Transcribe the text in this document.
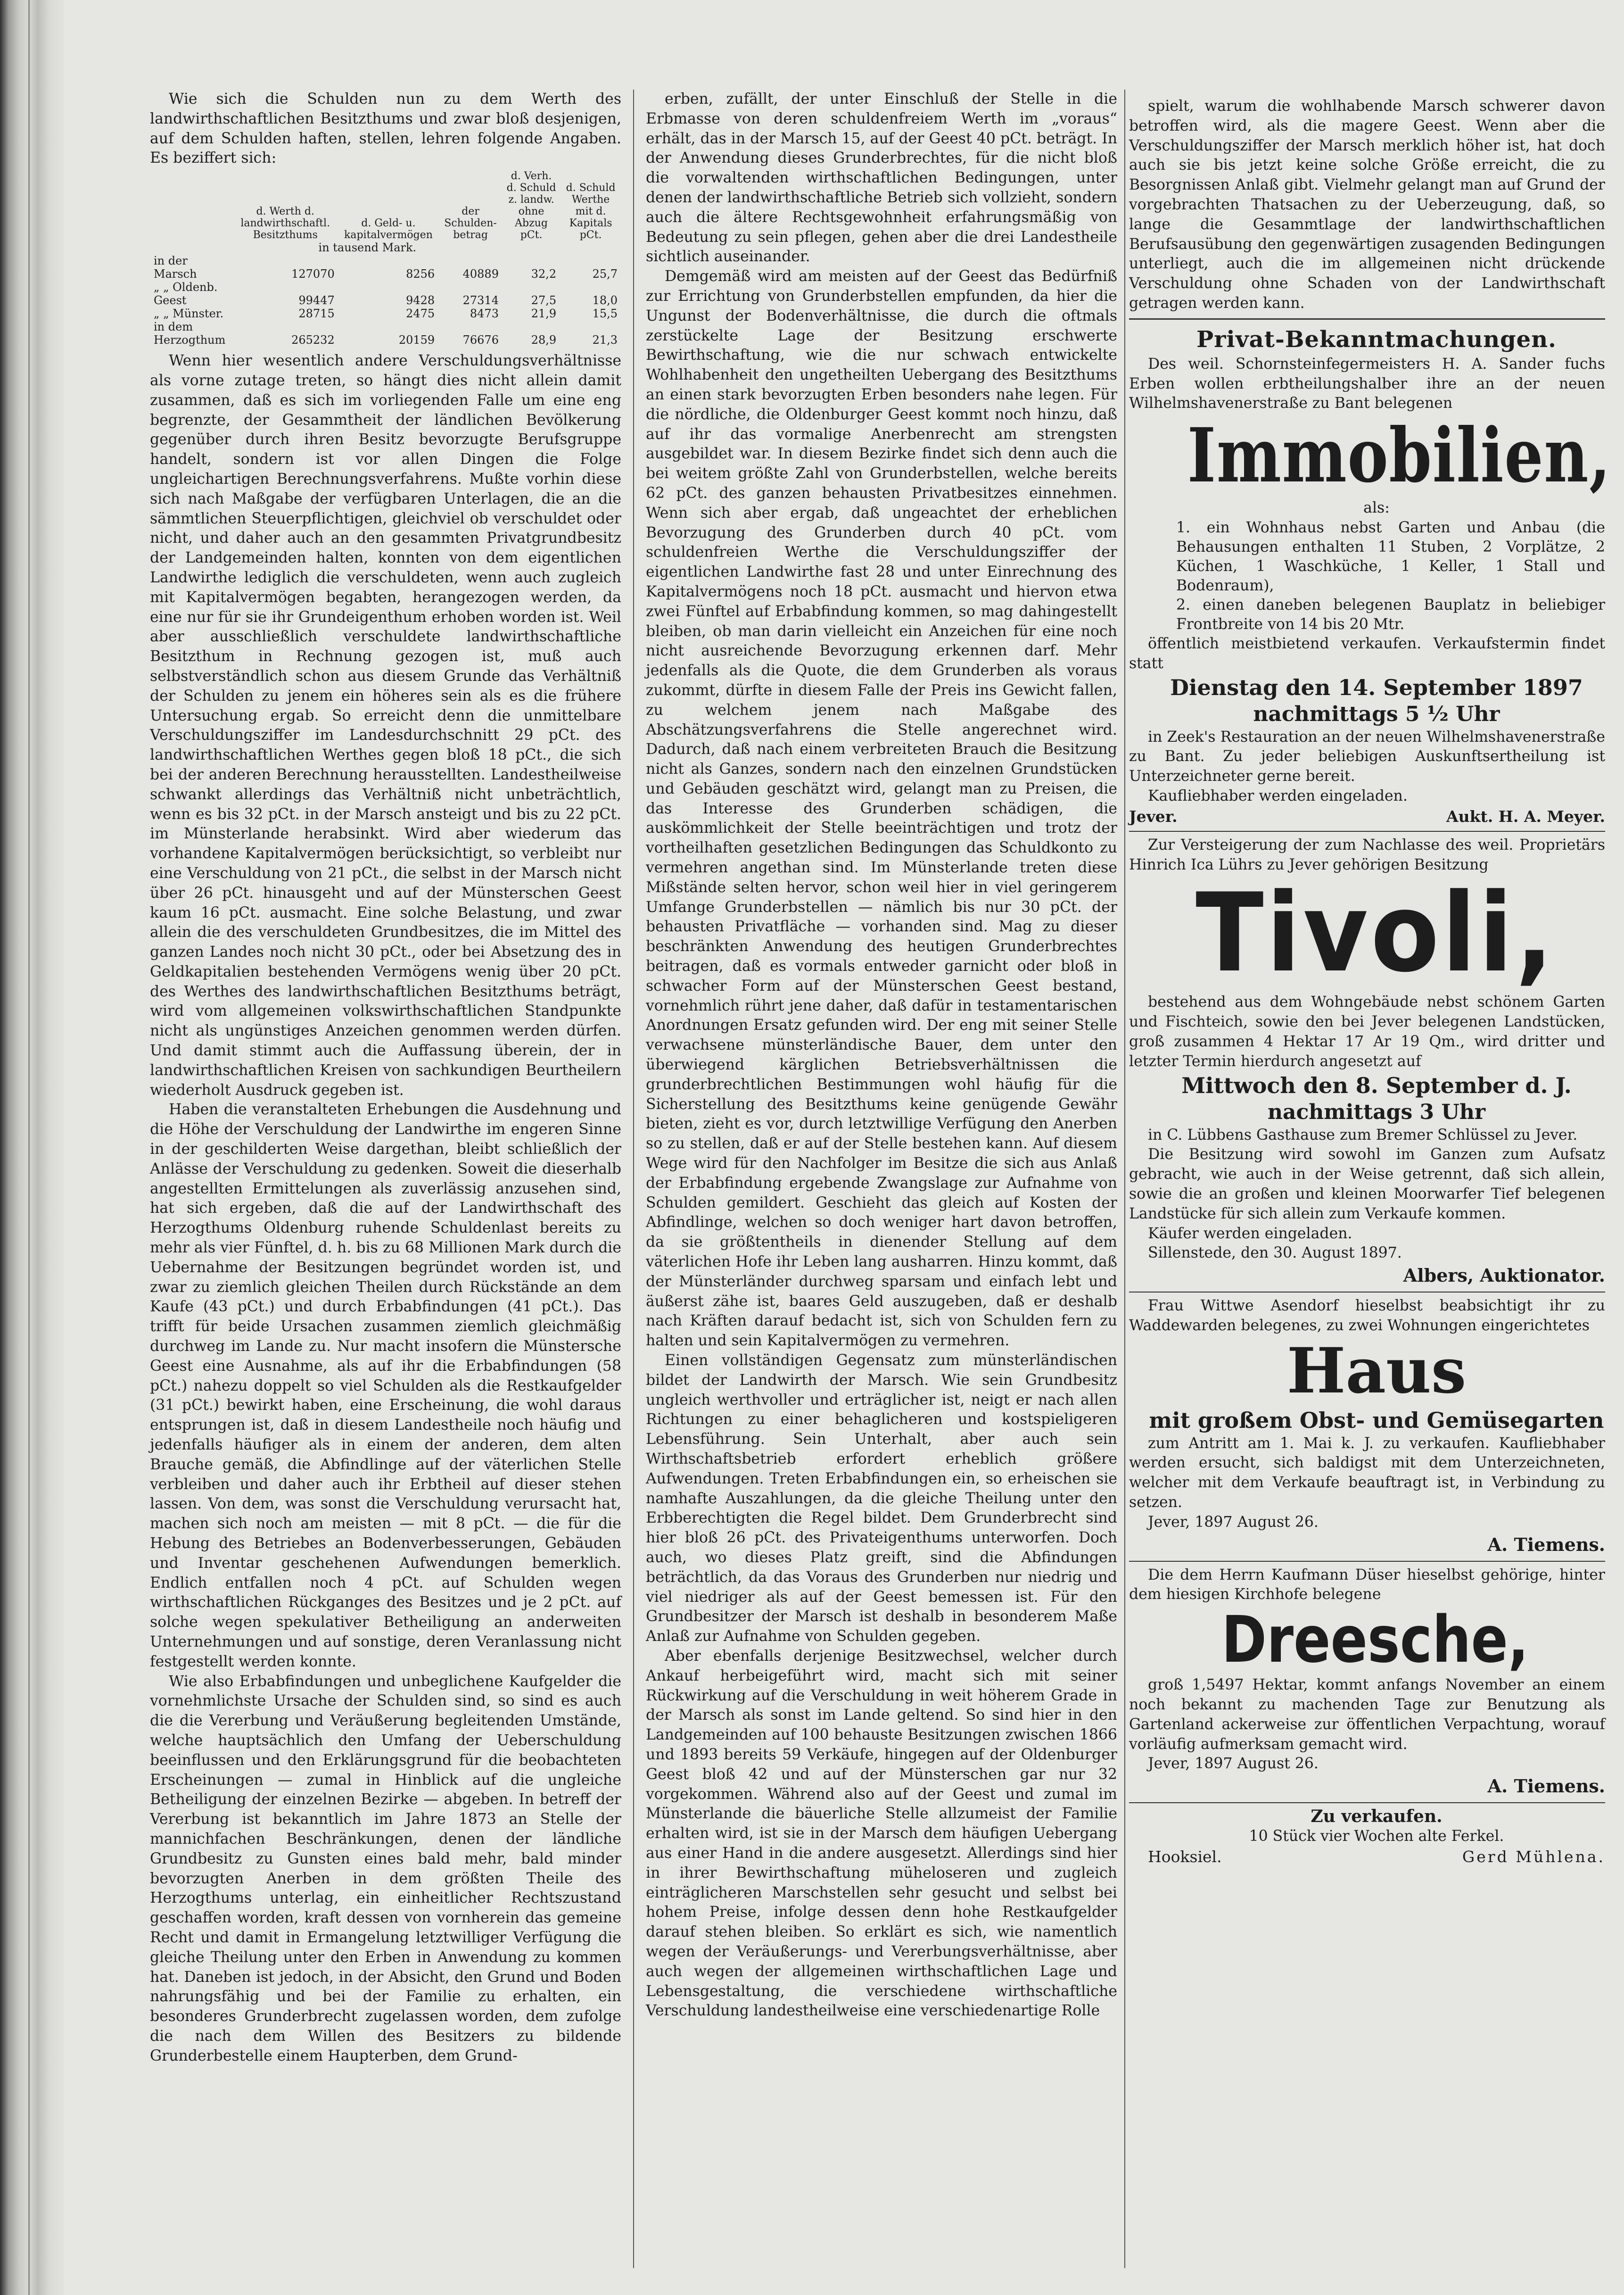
Wie sich die Schulden nun zu dem Werth des landwirthschaftlichen Besitzthums und zwar bloß desjenigen, auf dem Schulden haften, stellen, lehren folgende Angaben. Es beziffert sich:

	d. Werth d. landwirthschaftl. Besitzthums	d. Geld- u. kapitalvermögen	der Schulden-betrag	d. Verh. d. Schuld z. landw. ohne Abzug pCt.	d. Schuld Werthe mit d. Kapitals pCt.
	in tausend Mark.				
in der Marsch	127070	8256	40889	32,2	25,7
„ „ Oldenb. Geest	99447	9428	27314	27,5	18,0
„ „ Münster.	28715	2475	8473	21,9	15,5
in dem Herzogthum	265232	20159	76676	28,9	21,3

Wenn hier wesentlich andere Verschuldungsverhältnisse als vorne zutage treten, so hängt dies nicht allein damit zusammen, daß es sich im vorliegenden Falle um eine eng begrenzte, der Gesammtheit der ländlichen Bevölkerung gegenüber durch ihren Besitz bevorzugte Berufsgruppe handelt, sondern ist vor allen Dingen die Folge ungleichartigen Berechnungsverfahrens. Mußte vorhin diese sich nach Maßgabe der verfügbaren Unterlagen, die an die sämmtlichen Steuerpflichtigen, gleichviel ob verschuldet oder nicht, und daher auch an den gesammten Privatgrundbesitz der Landgemeinden halten, konnten von dem eigentlichen Landwirthe lediglich die verschuldeten, wenn auch zugleich mit Kapitalvermögen begabten, herangezogen werden, da eine nur für sie ihr Grundeigenthum erhoben worden ist. Weil aber ausschließlich verschuldete landwirthschaftliche Besitzthum in Rechnung gezogen ist, muß auch selbstverständlich schon aus diesem Grunde das Verhältniß der Schulden zu jenem ein höheres sein als es die frühere Untersuchung ergab. So erreicht denn die unmittelbare Verschuldungsziffer im Landesdurchschnitt 29 pCt. des landwirthschaftlichen Werthes gegen bloß 18 pCt., die sich bei der anderen Berechnung herausstellten. Landestheilweise schwankt allerdings das Verhältniß nicht unbeträchtlich, wenn es bis 32 pCt. in der Marsch ansteigt und bis zu 22 pCt. im Münsterlande herabsinkt. Wird aber wiederum das vorhandene Kapitalvermögen berücksichtigt, so verbleibt nur eine Verschuldung von 21 pCt., die selbst in der Marsch nicht über 26 pCt. hinausgeht und auf der Münsterschen Geest kaum 16 pCt. ausmacht. Eine solche Belastung, und zwar allein die des verschuldeten Grundbesitzes, die im Mittel des ganzen Landes noch nicht 30 pCt., oder bei Absetzung des in Geldkapitalien bestehenden Vermögens wenig über 20 pCt. des Werthes des landwirthschaftlichen Besitzthums beträgt, wird vom allgemeinen volkswirthschaftlichen Standpunkte nicht als ungünstiges Anzeichen genommen werden dürfen. Und damit stimmt auch die Auffassung überein, der in landwirthschaftlichen Kreisen von sachkundigen Beurtheilern wiederholt Ausdruck gegeben ist.

Haben die veranstalteten Erhebungen die Ausdehnung und die Höhe der Verschuldung der Landwirthe im engeren Sinne in der geschilderten Weise dargethan, bleibt schließlich der Anlässe der Verschuldung zu gedenken. Soweit die dieserhalb angestellten Ermittelungen als zuverlässig anzusehen sind, hat sich ergeben, daß die auf der Landwirthschaft des Herzogthums Oldenburg ruhende Schuldenlast bereits zu mehr als vier Fünftel, d. h. bis zu 68 Millionen Mark durch die Uebernahme der Besitzungen begründet worden ist, und zwar zu ziemlich gleichen Theilen durch Rückstände an dem Kaufe (43 pCt.) und durch Erbabfindungen (41 pCt.). Das trifft für beide Ursachen zusammen ziemlich gleichmäßig durchweg im Lande zu. Nur macht insofern die Münstersche Geest eine Ausnahme, als auf ihr die Erbabfindungen (58 pCt.) nahezu doppelt so viel Schulden als die Restkaufgelder (31 pCt.) bewirkt haben, eine Erscheinung, die wohl daraus entsprungen ist, daß in diesem Landestheile noch häufig und jedenfalls häufiger als in einem der anderen, dem alten Brauche gemäß, die Abfindlinge auf der väterlichen Stelle verbleiben und daher auch ihr Erbtheil auf dieser stehen lassen. Von dem, was sonst die Verschuldung verursacht hat, machen sich noch am meisten — mit 8 pCt. — die für die Hebung des Betriebes an Bodenverbesserungen, Gebäuden und Inventar geschehenen Aufwendungen bemerklich. Endlich entfallen noch 4 pCt. auf Schulden wegen wirthschaftlichen Rückganges des Besitzes und je 2 pCt. auf solche wegen spekulativer Betheiligung an anderweiten Unternehmungen und auf sonstige, deren Veranlassung nicht festgestellt werden konnte.

Wie also Erbabfindungen und unbeglichene Kaufgelder die vornehmlichste Ursache der Schulden sind, so sind es auch die die Vererbung und Veräußerung begleitenden Umstände, welche hauptsächlich den Umfang der Ueberschuldung beeinflussen und den Erklärungsgrund für die beobachteten Erscheinungen — zumal in Hinblick auf die ungleiche Betheiligung der einzelnen Bezirke — abgeben. In betreff der Vererbung ist bekanntlich im Jahre 1873 an Stelle der mannichfachen Beschränkungen, denen der ländliche Grundbesitz zu Gunsten eines bald mehr, bald minder bevorzugten Anerben in dem größten Theile des Herzogthums unterlag, ein einheitlicher Rechtszustand geschaffen worden, kraft dessen von vornherein das gemeine Recht und damit in Ermangelung letztwilliger Verfügung die gleiche Theilung unter den Erben in Anwendung zu kommen hat. Daneben ist jedoch, in der Absicht, den Grund und Boden nahrungsfähig und bei der Familie zu erhalten, ein besonderes Grunderbrecht zugelassen worden, dem zufolge die nach dem Willen des Besitzers zu bildende Grunderbestelle einem Haupterben, dem Grund-

erben, zufällt, der unter Einschluß der Stelle in die Erbmasse von deren schuldenfreiem Werth im „voraus“ erhält, das in der Marsch 15, auf der Geest 40 pCt. beträgt. In der Anwendung dieses Grunderbrechtes, für die nicht bloß die vorwaltenden wirthschaftlichen Bedingungen, unter denen der landwirthschaftliche Betrieb sich vollzieht, sondern auch die ältere Rechtsgewohnheit erfahrungsmäßig von Bedeutung zu sein pflegen, gehen aber die drei Landestheile sichtlich auseinander.

Demgemäß wird am meisten auf der Geest das Bedürfniß zur Errichtung von Grunderbstellen empfunden, da hier die Ungunst der Bodenverhältnisse, die durch die oftmals zerstückelte Lage der Besitzung erschwerte Bewirthschaftung, wie die nur schwach entwickelte Wohlhabenheit den ungetheilten Uebergang des Besitzthums an einen stark bevorzugten Erben besonders nahe legen. Für die nördliche, die Oldenburger Geest kommt noch hinzu, daß auf ihr das vormalige Anerbenrecht am strengsten ausgebildet war. In diesem Bezirke findet sich denn auch die bei weitem größte Zahl von Grunderbstellen, welche bereits 62 pCt. des ganzen behausten Privatbesitzes einnehmen. Wenn sich aber ergab, daß ungeachtet der erheblichen Bevorzugung des Grunderben durch 40 pCt. vom schuldenfreien Werthe die Verschuldungsziffer der eigentlichen Landwirthe fast 28 und unter Einrechnung des Kapitalvermögens noch 18 pCt. ausmacht und hiervon etwa zwei Fünftel auf Erbabfindung kommen, so mag dahingestellt bleiben, ob man darin vielleicht ein Anzeichen für eine noch nicht ausreichende Bevorzugung erkennen darf. Mehr jedenfalls als die Quote, die dem Grunderben als voraus zukommt, dürfte in diesem Falle der Preis ins Gewicht fallen, zu welchem jenem nach Maßgabe des Abschätzungsverfahrens die Stelle angerechnet wird. Dadurch, daß nach einem verbreiteten Brauch die Besitzung nicht als Ganzes, sondern nach den einzelnen Grundstücken und Gebäuden geschätzt wird, gelangt man zu Preisen, die das Interesse des Grunderben schädigen, die auskömmlichkeit der Stelle beeinträchtigen und trotz der vortheilhaften gesetzlichen Bedingungen das Schuldkonto zu vermehren angethan sind. Im Münsterlande treten diese Mißstände selten hervor, schon weil hier in viel geringerem Umfange Grunderbstellen — nämlich bis nur 30 pCt. der behausten Privatfläche — vorhanden sind. Mag zu dieser beschränkten Anwendung des heutigen Grunderbrechtes beitragen, daß es vormals entweder garnicht oder bloß in schwacher Form auf der Münsterschen Geest bestand, vornehmlich rührt jene daher, daß dafür in testamentarischen Anordnungen Ersatz gefunden wird. Der eng mit seiner Stelle verwachsene münsterländische Bauer, dem unter den überwiegend kärglichen Betriebsverhältnissen die grunderbrechtlichen Bestimmungen wohl häufig für die Sicherstellung des Besitzthums keine genügende Gewähr bieten, zieht es vor, durch letztwillige Verfügung den Anerben so zu stellen, daß er auf der Stelle bestehen kann. Auf diesem Wege wird für den Nachfolger im Besitze die sich aus Anlaß der Erbabfindung ergebende Zwangslage zur Aufnahme von Schulden gemildert. Geschieht das gleich auf Kosten der Abfindlinge, welchen so doch weniger hart davon betroffen, da sie größtentheils in dienender Stellung auf dem väterlichen Hofe ihr Leben lang ausharren. Hinzu kommt, daß der Münsterländer durchweg sparsam und einfach lebt und äußerst zähe ist, baares Geld auszugeben, daß er deshalb nach Kräften darauf bedacht ist, sich von Schulden fern zu halten und sein Kapitalvermögen zu vermehren.

Einen vollständigen Gegensatz zum münsterländischen bildet der Landwirth der Marsch. Wie sein Grundbesitz ungleich werthvoller und erträglicher ist, neigt er nach allen Richtungen zu einer behaglicheren und kostspieligeren Lebensführung. Sein Unterhalt, aber auch sein Wirthschaftsbetrieb erfordert erheblich größere Aufwendungen. Treten Erbabfindungen ein, so erheischen sie namhafte Auszahlungen, da die gleiche Theilung unter den Erbberechtigten die Regel bildet. Dem Grunderbrecht sind hier bloß 26 pCt. des Privateigenthums unterworfen. Doch auch, wo dieses Platz greift, sind die Abfindungen beträchtlich, da das Voraus des Grunderben nur niedrig und viel niedriger als auf der Geest bemessen ist. Für den Grundbesitzer der Marsch ist deshalb in besonderem Maße Anlaß zur Aufnahme von Schulden gegeben.

Aber ebenfalls derjenige Besitzwechsel, welcher durch Ankauf herbeigeführt wird, macht sich mit seiner Rückwirkung auf die Verschuldung in weit höherem Grade in der Marsch als sonst im Lande geltend. So sind hier in den Landgemeinden auf 100 behauste Besitzungen zwischen 1866 und 1893 bereits 59 Verkäufe, hingegen auf der Oldenburger Geest bloß 42 und auf der Münsterschen gar nur 32 vorgekommen. Während also auf der Geest und zumal im Münsterlande die bäuerliche Stelle allzumeist der Familie erhalten wird, ist sie in der Marsch dem häufigen Uebergang aus einer Hand in die andere ausgesetzt. Allerdings sind hier in ihrer Bewirthschaftung müheloseren und zugleich einträglicheren Marschstellen sehr gesucht und selbst bei hohem Preise, infolge dessen denn hohe Restkaufgelder darauf stehen bleiben. So erklärt es sich, wie namentlich wegen der Veräußerungs- und Vererbungsverhältnisse, aber auch wegen der allgemeinen wirthschaftlichen Lage und Lebensgestaltung, die verschiedene wirthschaftliche Verschuldung landestheilweise eine verschiedenartige Rolle

spielt, warum die wohlhabende Marsch schwerer davon betroffen wird, als die magere Geest. Wenn aber die Verschuldungsziffer der Marsch merklich höher ist, hat doch auch sie bis jetzt keine solche Größe erreicht, die zu Besorgnissen Anlaß gibt. Vielmehr gelangt man auf Grund der vorgebrachten Thatsachen zu der Ueberzeugung, daß, so lange die Gesammtlage der landwirthschaftlichen Berufsausübung den gegenwärtigen zusagenden Bedingungen unterliegt, auch die im allgemeinen nicht drückende Verschuldung ohne Schaden von der Landwirthschaft getragen werden kann.

Privat-Bekanntmachungen.

Des weil. Schornsteinfegermeisters H. A. Sander fuchs Erben wollen erbtheilungshalber ihre an der neuen Wilhelmshavenerstraße zu Bant belegenen

Immobilien,

als:

1. ein Wohnhaus nebst Garten und Anbau (die Behausungen enthalten 11 Stuben, 2 Vorplätze, 2 Küchen, 1 Waschküche, 1 Keller, 1 Stall und Bodenraum),
2. einen daneben belegenen Bauplatz in beliebiger Frontbreite von 14 bis 20 Mtr.

öffentlich meistbietend verkaufen. Verkaufstermin findet statt

Dienstag den 14. September 1897

nachmittags 5 ½ Uhr

in Zeek's Restauration an der neuen Wilhelmshavenerstraße zu Bant. Zu jeder beliebigen Auskunftsertheilung ist Unterzeichneter gerne bereit.

Kaufliebhaber werden eingeladen.

Jever.	Aukt. H. A. Meyer.

Zur Versteigerung der zum Nachlasse des weil. Proprietärs Hinrich Ica Lührs zu Jever gehörigen Besitzung

Tivoli,

bestehend aus dem Wohngebäude nebst schönem Garten und Fischteich, sowie den bei Jever belegenen Landstücken, groß zusammen 4 Hektar 17 Ar 19 Qm., wird dritter und letzter Termin hierdurch angesetzt auf

Mittwoch den 8. September d. J.

nachmittags 3 Uhr

in C. Lübbens Gasthause zum Bremer Schlüssel zu Jever.

Die Besitzung wird sowohl im Ganzen zum Aufsatz gebracht, wie auch in der Weise getrennt, daß sich allein, sowie die an großen und kleinen Moorwarfer Tief belegenen Landstücke für sich allein zum Verkaufe kommen.

Käufer werden eingeladen.

Sillenstede, den 30. August 1897.

Albers, Auktionator.

Frau Wittwe Asendorf hieselbst beabsichtigt ihr zu Waddewarden belegenes, zu zwei Wohnungen eingerichtetes

Haus

mit großem Obst- und Gemüsegarten

zum Antritt am 1. Mai k. J. zu verkaufen. Kaufliebhaber werden ersucht, sich baldigst mit dem Unterzeichneten, welcher mit dem Verkaufe beauftragt ist, in Verbindung zu setzen.

Jever, 1897 August 26.

A. Tiemens.

Die dem Herrn Kaufmann Düser hieselbst gehörige, hinter dem hiesigen Kirchhofe belegene

Dreesche,

groß 1,5497 Hektar, kommt anfangs November an einem noch bekannt zu machenden Tage zur Benutzung als Gartenland ackerweise zur öffentlichen Verpachtung, worauf vorläufig aufmerksam gemacht wird.

Jever, 1897 August 26.

A. Tiemens.

Zu verkaufen.

10 Stück vier Wochen alte Ferkel.

Hooksiel.	Gerd Mühlena.
